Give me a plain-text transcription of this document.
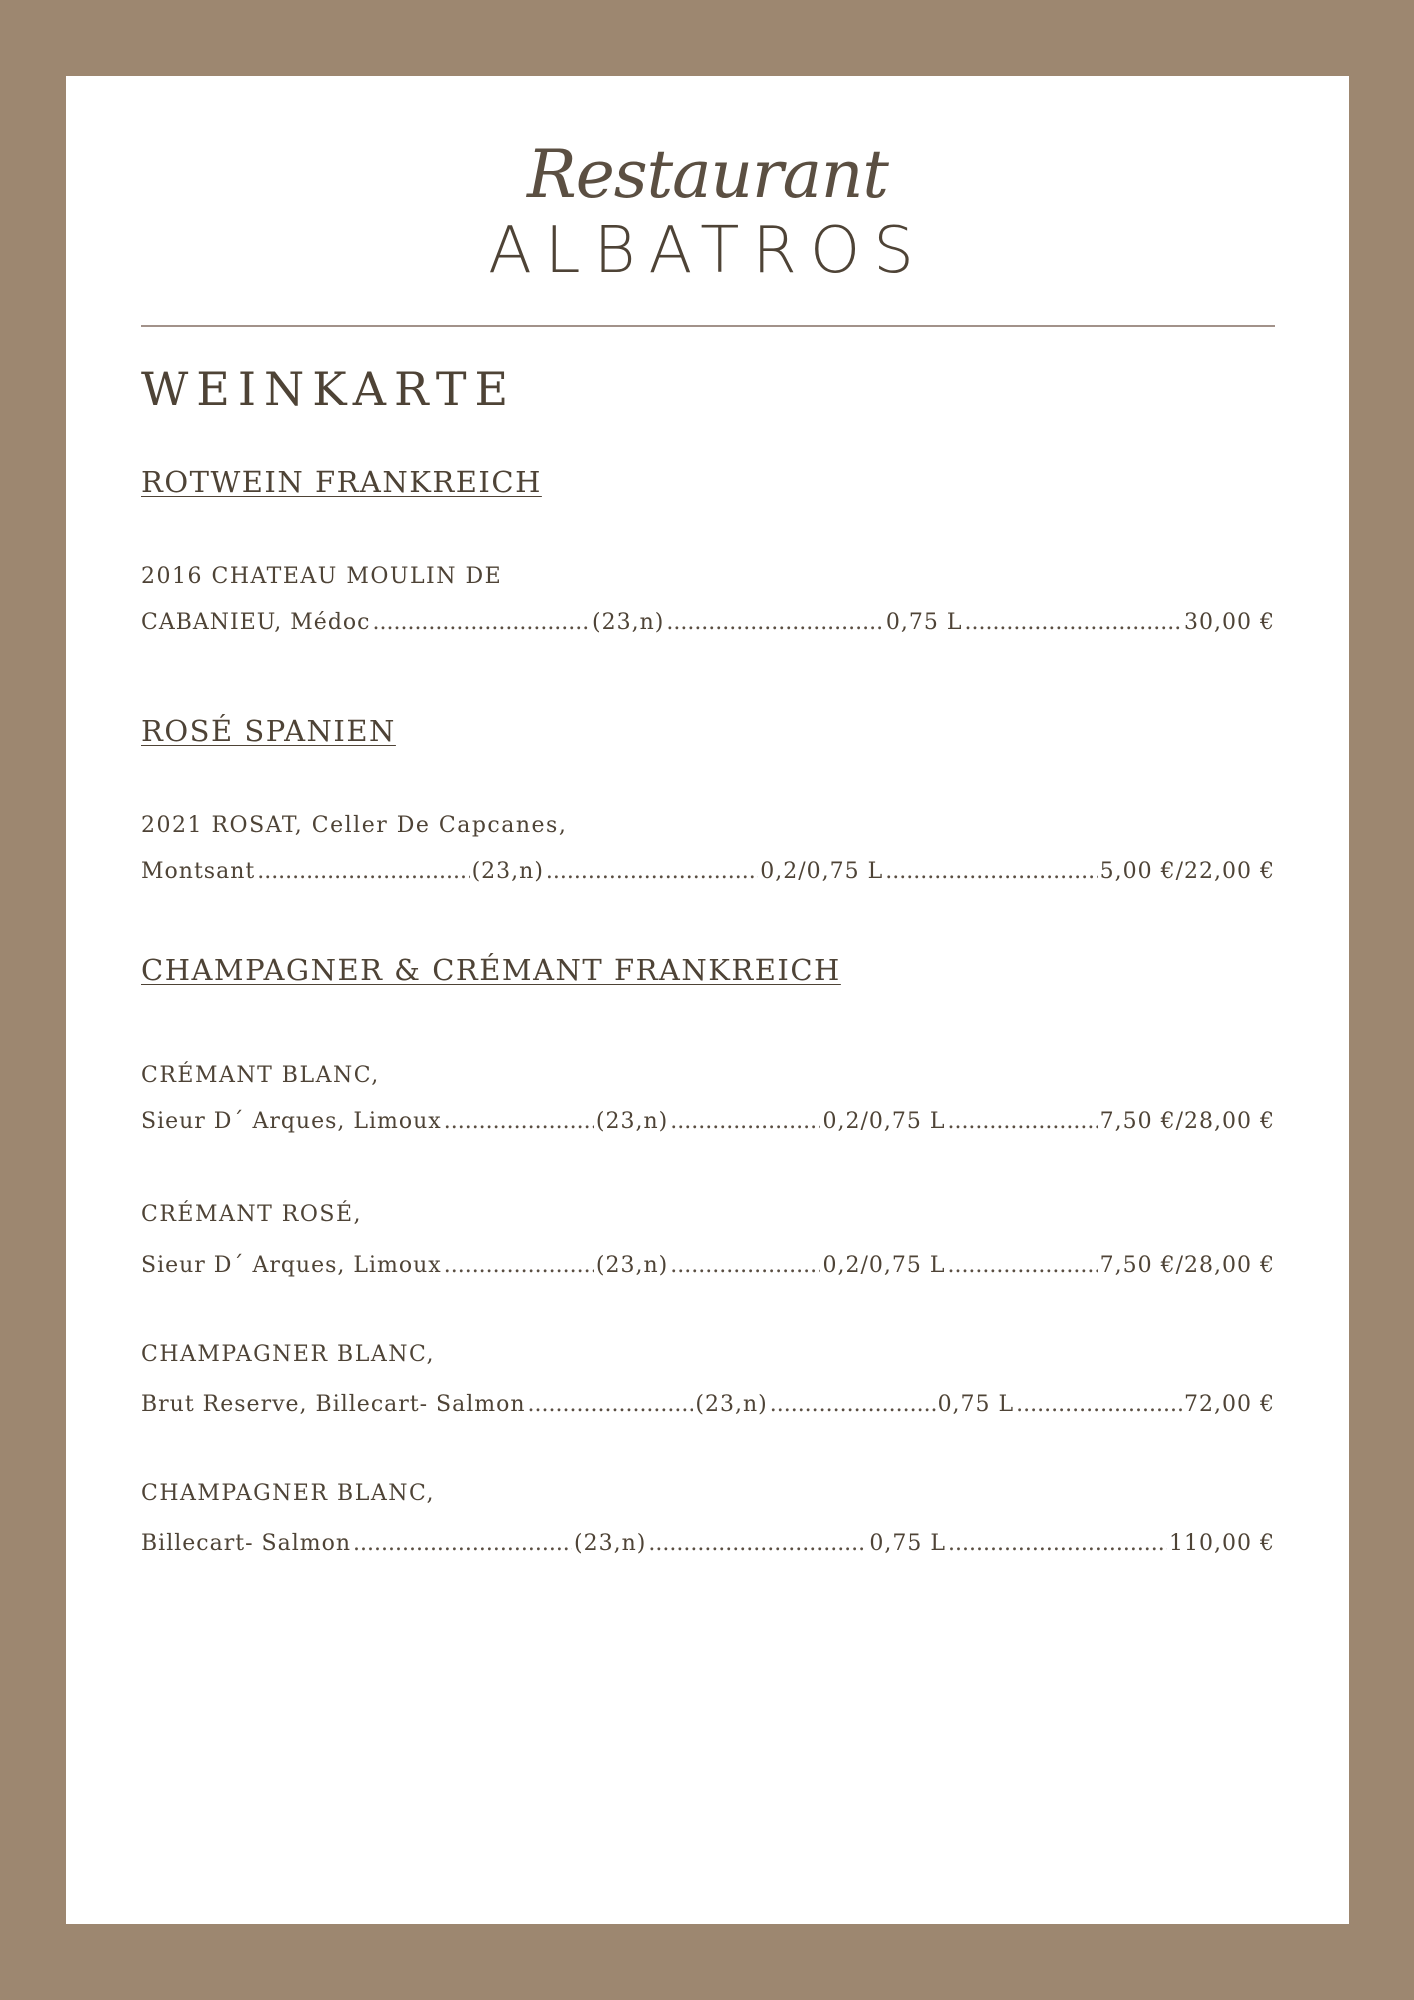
Restaurant
ALBATROS
WEINKARTE
ROTWEIN FRANKREICH
2016 CHATEAU MOULIN DE
CABANIEU, Médoc .....	(23,n) .....	0,75 L .....	30,00 €
ROSÉ SPANIEN
2021 ROSAT, Celler De Capcanes,
Montsant .....	(23,n) .....	0,2/0,75 L .....	5,00 €/22,00 €
CHAMPAGNER & CRÉMANT FRANKREICH
CRÉMANT BLANC,
Sieur D´ Arques, Limoux .....	(23,n) .....	0,2/0,75 L .....	7,50 €/28,00 €
CRÉMANT ROSÉ,
Sieur D´ Arques, Limoux .....	(23,n) .....	0,2/0,75 L .....	7,50 €/28,00 €
CHAMPAGNER BLANC,
Brut Reserve, Billecart- Salmon .....	(23,n) .....	0,75 L .....	72,00 €
CHAMPAGNER BLANC,
Billecart- Salmon .....	(23,n) .....	0,75 L .....	110,00 €
